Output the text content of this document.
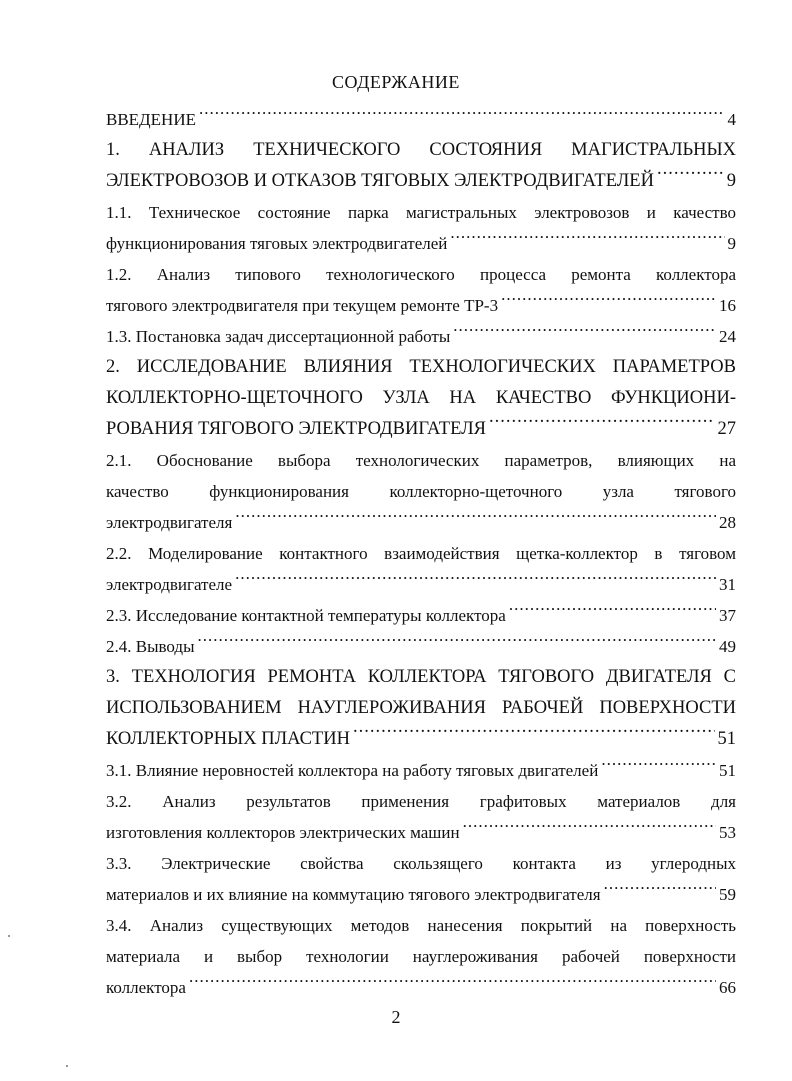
СОДЕРЖАНИЕ
ВВЕДЕНИЕ .....	4
1. АНАЛИЗ ТЕХНИЧЕСКОГО СОСТОЯНИЯ МАГИСТРАЛЬНЫХ
ЭЛЕКТРОВОЗОВ И ОТКАЗОВ ТЯГОВЫХ ЭЛЕКТРОДВИГАТЕЛЕЙ .....	9
1.1. Техническое состояние парка магистральных электровозов и качество
функционирования тяговых электродвигателей .....	9
1.2. Анализ типового технологического процесса ремонта коллектора
тягового электродвигателя при текущем ремонте ТР-3 .....	16
1.3. Постановка задач диссертационной работы .....	24
2. ИССЛЕДОВАНИЕ ВЛИЯНИЯ ТЕХНОЛОГИЧЕСКИХ ПАРАМЕТРОВ
КОЛЛЕКТОРНО-ЩЕТОЧНОГО УЗЛА НА КАЧЕСТВО ФУНКЦИОНИ-
РОВАНИЯ ТЯГОВОГО ЭЛЕКТРОДВИГАТЕЛЯ .....	27
2.1. Обоснование выбора технологических параметров, влияющих на
качество функционирования коллекторно-щеточного узла тягового
электродвигателя .....	28
2.2. Моделирование контактного взаимодействия щетка-коллектор в тяговом
электродвигателе .....	31
2.3. Исследование контактной температуры коллектора .....	37
2.4. Выводы .....	49
3. ТЕХНОЛОГИЯ РЕМОНТА КОЛЛЕКТОРА ТЯГОВОГО ДВИГАТЕЛЯ С
ИСПОЛЬЗОВАНИЕМ НАУГЛЕРОЖИВАНИЯ РАБОЧЕЙ ПОВЕРХНОСТИ
КОЛЛЕКТОРНЫХ ПЛАСТИН .....	51
3.1. Влияние неровностей коллектора на работу тяговых двигателей .....	51
3.2. Анализ результатов применения графитовых материалов для
изготовления коллекторов электрических машин .....	53
3.3. Электрические свойства скользящего контакта из углеродных
материалов и их влияние на коммутацию тягового электродвигателя .....	59
3.4. Анализ существующих методов нанесения покрытий на поверхность
материала и выбор технологии науглероживания рабочей поверхности
коллектора .....	66
2
